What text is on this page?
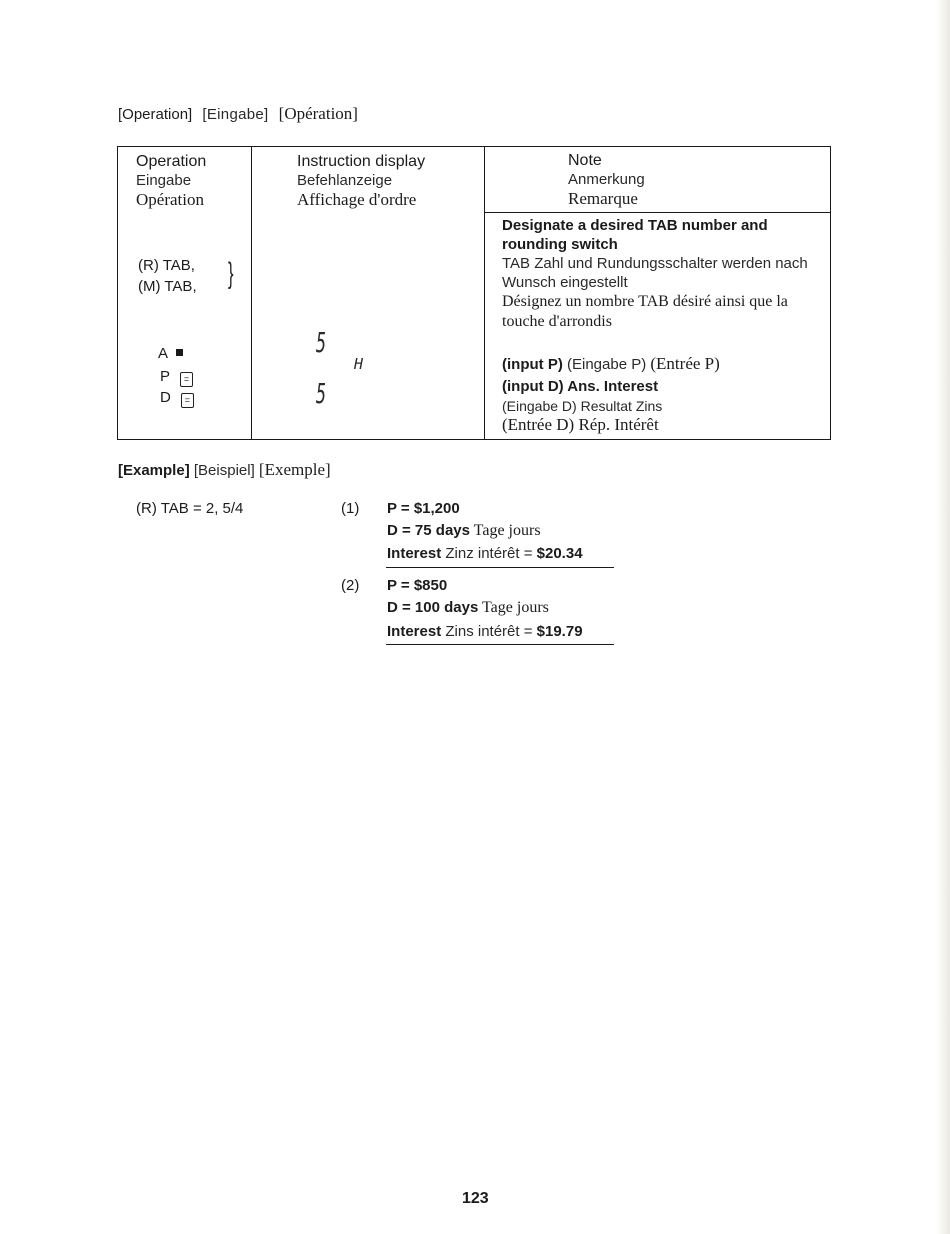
[Operation] [Eingabe] [Opération]
Operation
Eingabe
Opération
Instruction display
Befehlanzeige
Affichage d'ordre
Note
Anmerkung
Remarque
(R) TAB,
(M) TAB, }
A
P =
D =
5
H
5
Designate a desired TAB number and rounding switch
TAB Zahl und Rundungsschalter werden nach Wunsch eingestellt
Désignez un nombre TAB désiré ainsi que la touche d'arrondis
(input P) (Eingabe P) (Entrée P)
(input D) Ans. Interest
(Eingabe D) Resultat Zins
(Entrée D) Rép. Intérêt
[Example] [Beispiel] [Exemple]
(R) TAB = 2, 5/4	(1) P = $1,200
D = 75 days Tage jours
Interest Zinz intérêt = $20.34
(2) P = $850
D = 100 days Tage jours
Interest Zins intérêt = $19.79
123
